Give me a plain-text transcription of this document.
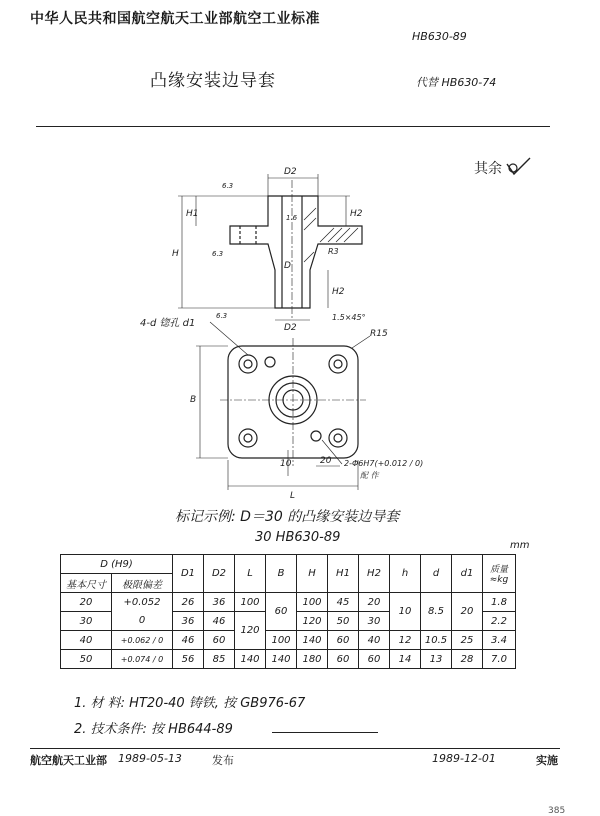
中华人民共和国航空航天工业部航空工业标准
HB630-89
凸缘安装边导套	代替 HB630-74
其余
D2
D2
D
H
H1	H2
H2
4-d 锪孔 d1
R15
B
L
10	20 2-Φ6H7(+0.012 / 0)
配 作
1.5×45°
R3
6.3
6.3
6.3
1.6
标记示例: D＝30 的凸缘安装边导套
30 HB630-89
mm
D (H9)		D1	D2	L	B	H	H1	H2	h	d	d1	质量 ≈kg
基本尺寸	极限偏差											
20	+0.052	26	36	100	60	100	45	20	10	8.5	20	1.8
30	0	36	46	120		120	50	30				2.2
40	+0.062 / 0	46	60		100	140	60	40	12	10.5	25	3.4
50	+0.074 / 0	56	85	140	140	180	60	60	14	13	28	7.0
1. 材 料: HT20-40 铸铁, 按 GB976-67
2. 技术条件: 按 HB644-89
航空航天工业部 1989-05-13	发布	1989-12-01	实施
385
